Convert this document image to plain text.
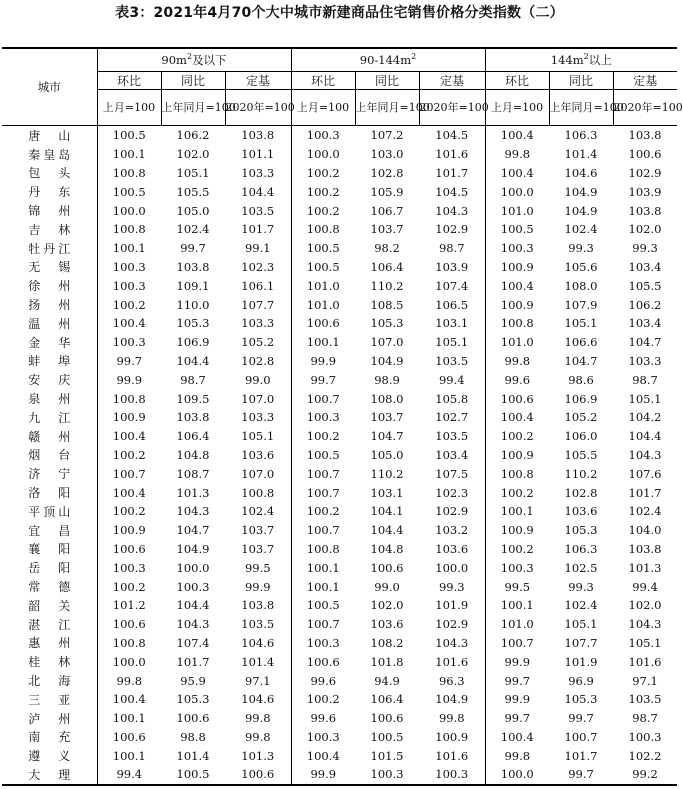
表3：2021年4月70个大中城市新建商品住宅销售价格分类指数（二）
城市	$90m^2$及以下			$90-144m^2$			$144m^2$以上		
	环比	同比	定基	环比	同比	定基	环比	同比	定基
	上月=100	上年同月=100	2020年=100	上月=100	上年同月=100	2020年=100	上月=100	上年同月=100	2020年=100

唐 山	100.5	106.2	103.8	100.3	107.2	104.5	100.4	106.3	103.8

秦 皇 岛	100.1	102.0	101.1	100.0	103.0	101.6	99.8	101.4	100.6

包 头	100.8	105.1	103.3	100.2	102.8	101.7	100.4	104.6	102.9

丹 东	100.5	105.5	104.4	100.2	105.9	104.5	100.0	104.9	103.9

锦 州	100.0	105.0	103.5	100.2	106.7	104.3	101.0	104.9	103.8

吉 林	100.8	102.4	101.7	100.8	103.7	102.9	100.5	102.4	102.0

牡 丹 江	100.1	99.7	99.1	100.5	98.2	98.7	100.3	99.3	99.3

无 锡	100.3	103.8	102.3	100.5	106.4	103.9	100.9	105.6	103.4

徐 州	100.3	109.1	106.1	101.0	110.2	107.4	100.4	108.0	105.5

扬 州	100.2	110.0	107.7	101.0	108.5	106.5	100.9	107.9	106.2

温 州	100.4	105.3	103.3	100.6	105.3	103.1	100.8	105.1	103.4

金 华	100.3	106.9	105.2	100.1	107.0	105.1	101.0	106.6	104.7

蚌 埠	99.7	104.4	102.8	99.9	104.9	103.5	99.8	104.7	103.3

安 庆	99.9	98.7	99.0	99.7	98.9	99.4	99.6	98.6	98.7

泉 州	100.8	109.5	107.0	100.7	108.0	105.8	100.6	106.9	105.1

九 江	100.9	103.8	103.3	100.3	103.7	102.7	100.4	105.2	104.2

赣 州	100.4	106.4	105.1	100.2	104.7	103.5	100.2	106.0	104.4

烟 台	100.2	104.8	103.6	100.5	105.0	103.4	100.9	105.5	104.3

济 宁	100.7	108.7	107.0	100.7	110.2	107.5	100.8	110.2	107.6

洛 阳	100.4	101.3	100.8	100.7	103.1	102.3	100.2	102.8	101.7

平 顶 山	100.2	104.3	102.4	100.2	104.1	102.9	100.1	103.6	102.4

宜 昌	100.9	104.7	103.7	100.7	104.4	103.2	100.9	105.3	104.0

襄 阳	100.6	104.9	103.7	100.8	104.8	103.6	100.2	106.3	103.8

岳 阳	100.3	100.0	99.5	100.1	100.6	100.0	100.3	102.5	101.3

常 德	100.2	100.3	99.9	100.1	99.0	99.3	99.5	99.3	99.4

韶 关	101.2	104.4	103.8	100.5	102.0	101.9	100.1	102.4	102.0

湛 江	100.6	104.3	103.5	100.7	103.6	102.9	101.0	105.1	104.3

惠 州	100.8	107.4	104.6	100.3	108.2	104.3	100.7	107.7	105.1

桂 林	100.0	101.7	101.4	100.6	101.8	101.6	99.9	101.9	101.6

北 海	99.8	95.9	97.1	99.6	94.9	96.3	99.7	96.9	97.1

三 亚	100.4	105.3	104.6	100.2	106.4	104.9	99.9	105.3	103.5

泸 州	100.1	100.6	99.8	99.6	100.6	99.8	99.7	99.7	98.7

南 充	100.6	98.8	99.8	100.3	100.5	100.9	100.4	100.7	100.3

遵 义	100.1	101.4	101.3	100.4	101.5	101.6	99.8	101.7	102.2

大 理	99.4	100.5	100.6	99.9	100.3	100.3	100.0	99.7	99.2
